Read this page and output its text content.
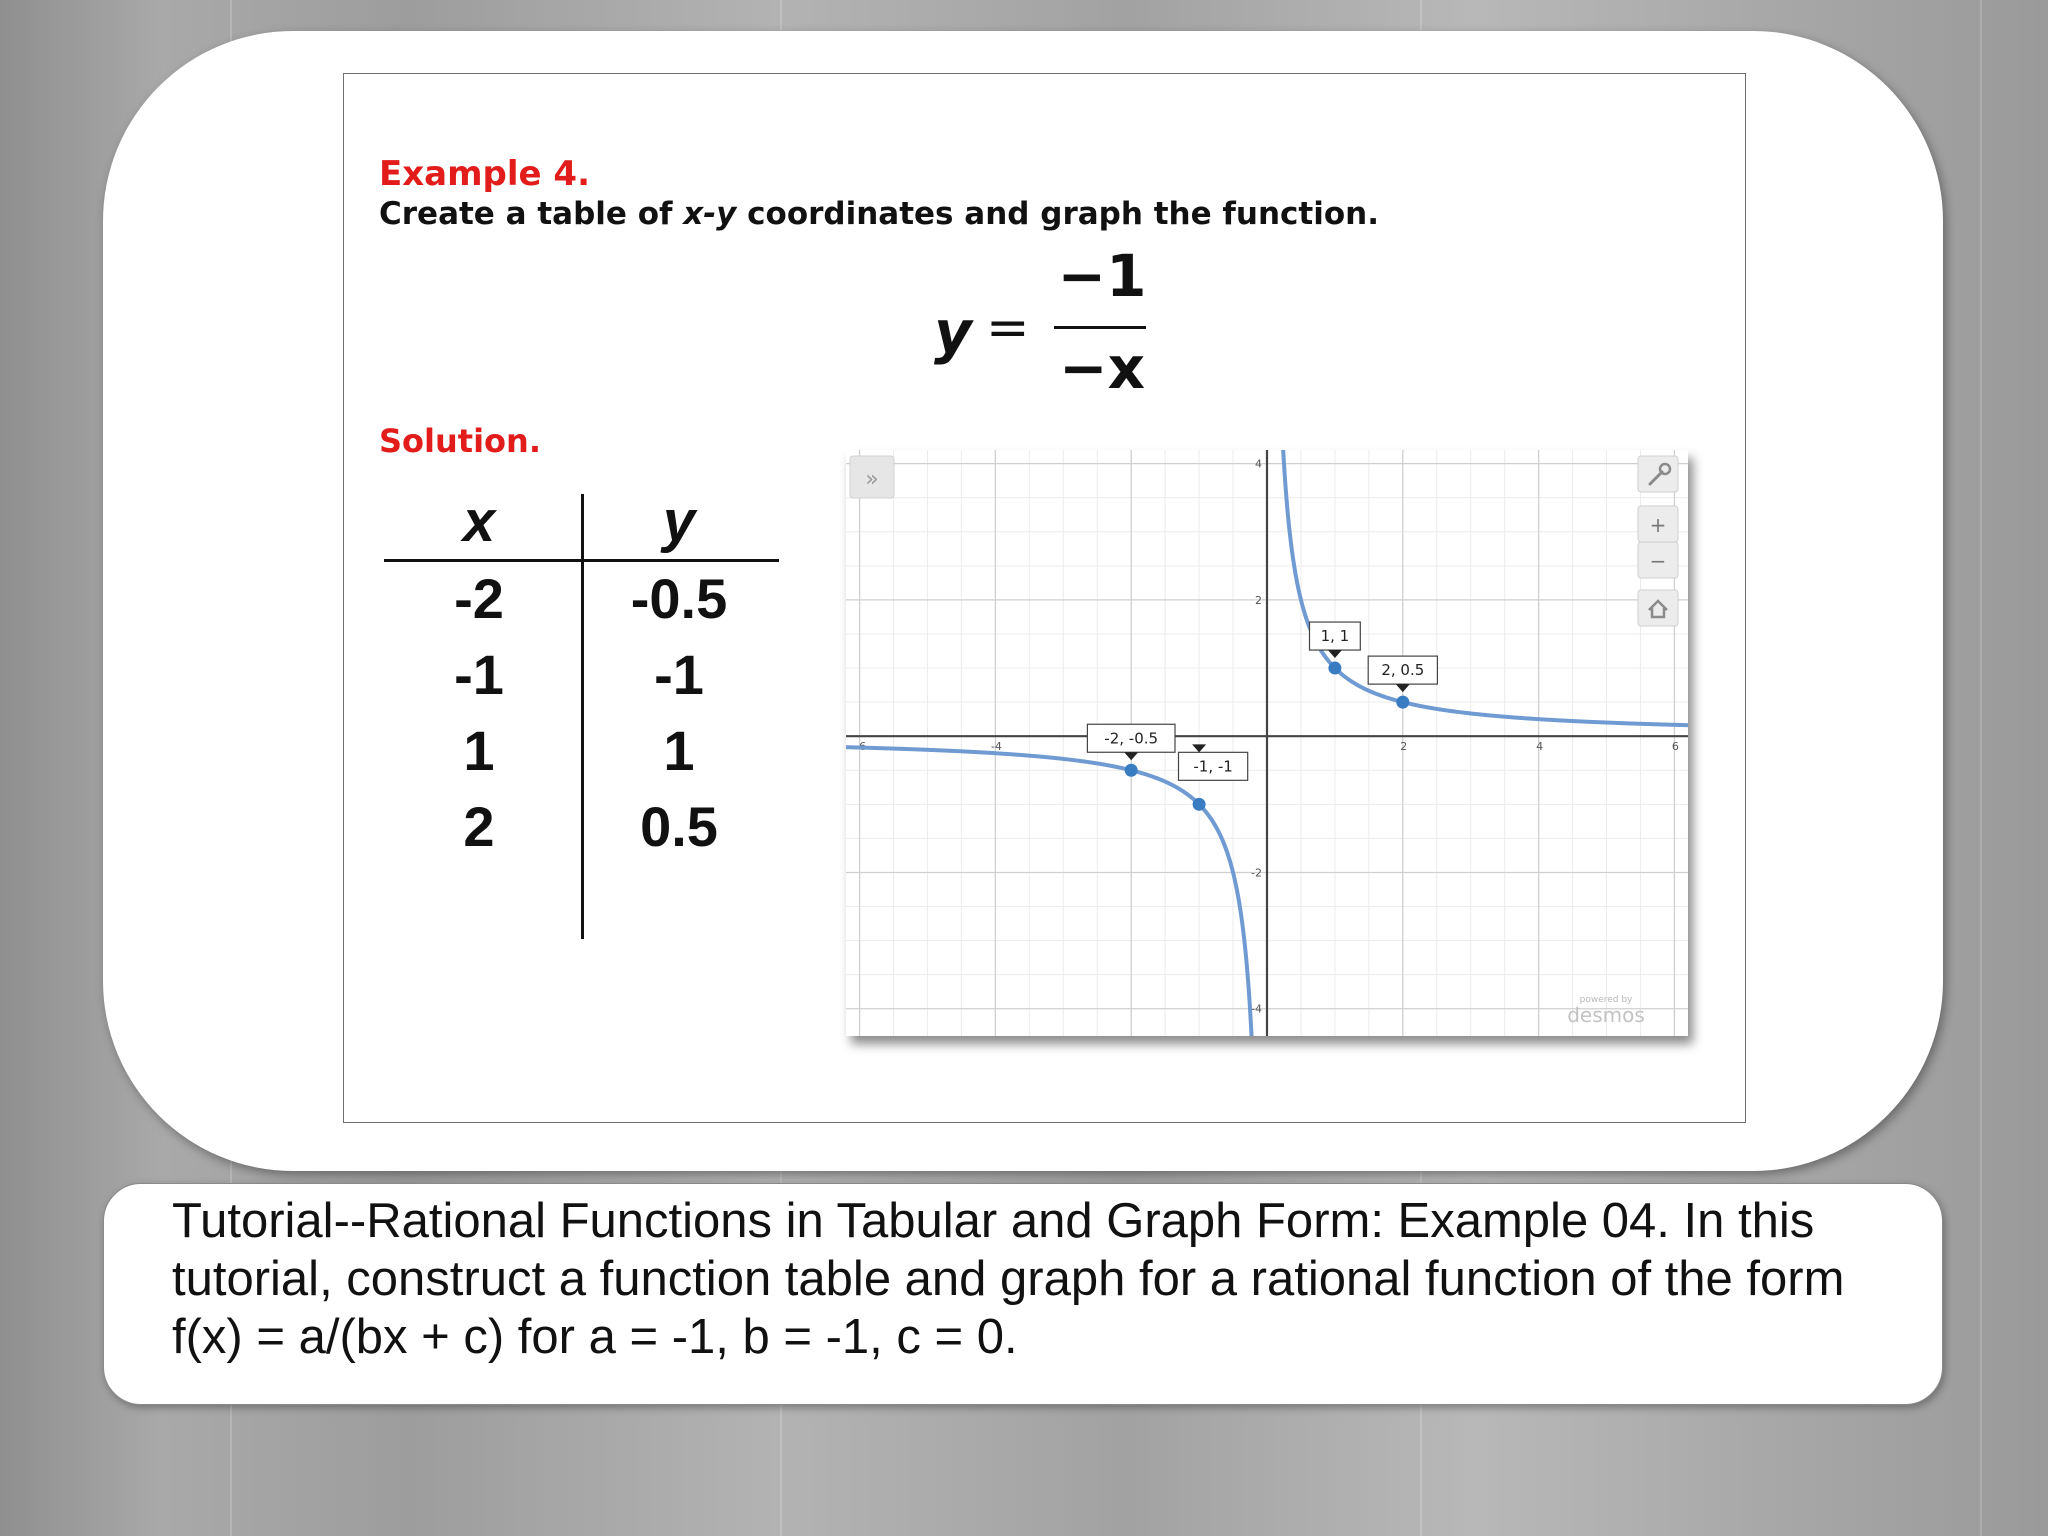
Example 4.
Create a table of x-y coordinates and graph the function.
y =
−1
−x
Solution.
x	y
-2	-0.5
-1	-1
1	1
2	0.5
-6	-4	2	4	6
-4
-2
2
4
-2, -0.5
-1, -1
1, 1
2, 0.5
»
+
−
powered by
desmos
Tutorial--Rational Functions in Tabular and Graph Form: Example 04. In this tutorial, construct a function table and graph for a rational function of the form f(x) = a/(bx + c) for a = -1, b = -1, c = 0.
